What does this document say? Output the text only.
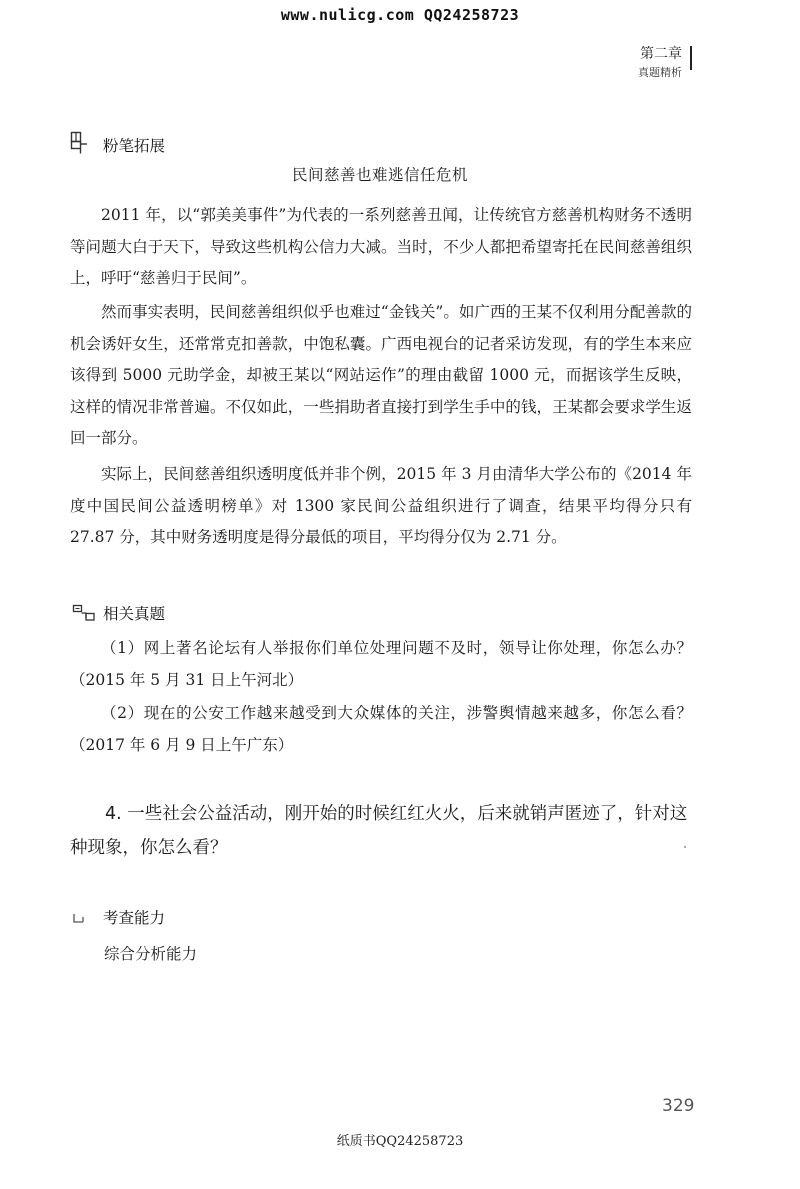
www.nulicg.com QQ24258723
第二章
真题精析
粉笔拓展
民间慈善也难逃信任危机

2011 年，以“郭美美事件”为代表的一系列慈善丑闻，让传统官方慈善机构财务不透明等问题大白于天下，导致这些机构公信力大减。当时，不少人都把希望寄托在民间慈善组织上，呼吁“慈善归于民间”。

然而事实表明，民间慈善组织似乎也难过“金钱关”。如广西的王某不仅利用分配善款的机会诱奸女生，还常常克扣善款，中饱私囊。广西电视台的记者采访发现，有的学生本来应该得到 5000 元助学金，却被王某以“网站运作”的理由截留 1000 元，而据该学生反映，这样的情况非常普遍。不仅如此，一些捐助者直接打到学生手中的钱，王某都会要求学生返回一部分。

实际上，民间慈善组织透明度低并非个例，2015 年 3 月由清华大学公布的《2014 年度中国民间公益透明榜单》对 1300 家民间公益组织进行了调查，结果平均得分只有 27.87 分，其中财务透明度是得分最低的项目，平均得分仅为 2.71 分。

相关真题

（1）网上著名论坛有人举报你们单位处理问题不及时，领导让你处理，你怎么办？（2015 年 5 月 31 日上午河北）

（2）现在的公安工作越来越受到大众媒体的关注，涉警舆情越来越多，你怎么看？（2017 年 6 月 9 日上午广东）

4. 一些社会公益活动，刚开始的时候红红火火，后来就销声匿迹了，针对这种现象，你怎么看？

考查能力
综合分析能力
329
纸质书QQ24258723
